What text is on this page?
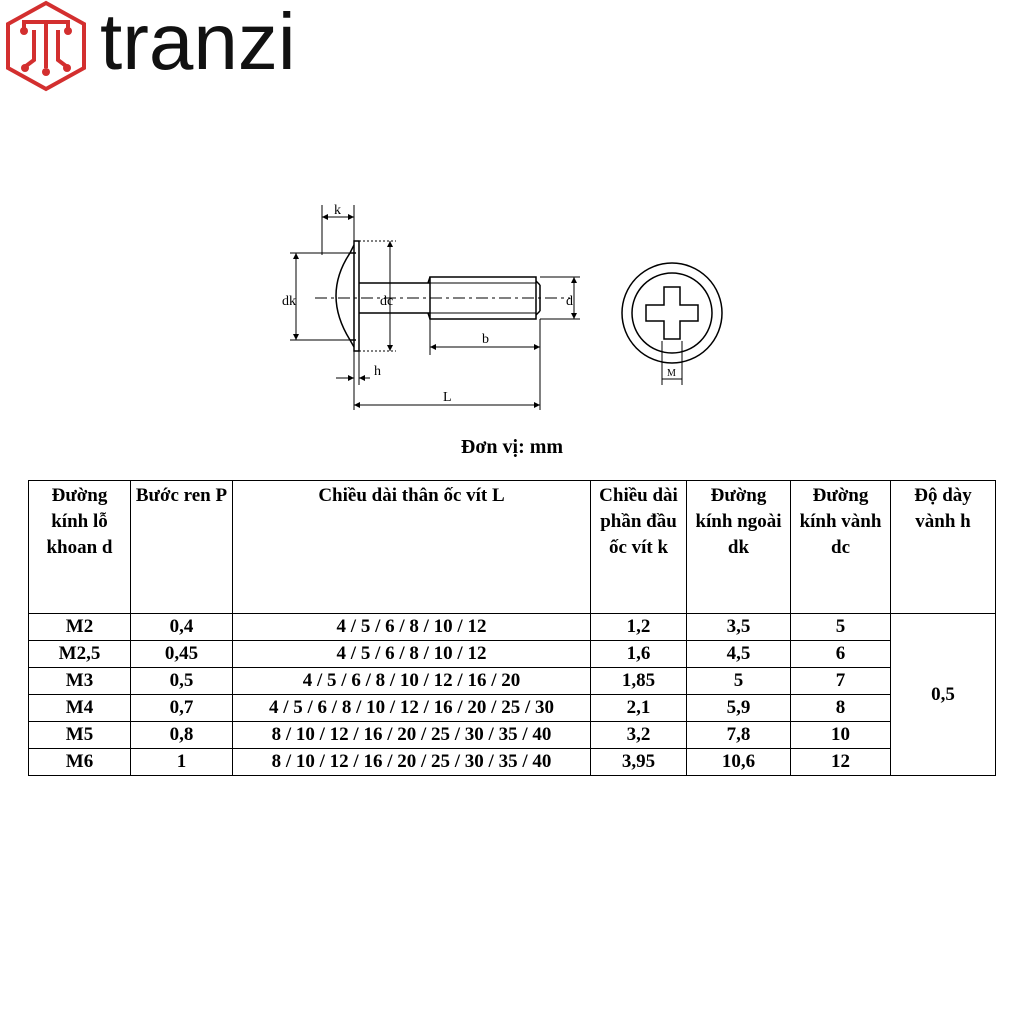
tranzi
k
dk	dc	d
b
h
L
M
Đơn vị: mm
Đường kính lỗ khoan d	Bước ren P	Chiều dài thân ốc vít L	Chiều dài phần đầu ốc vít k	Đường kính ngoài dk	Đường kính vành dc	Độ dày vành h
M2	0,4	4 / 5 / 6 / 8 / 10 / 12	1,2	3,5	5	0,5
M2,5	0,45	4 / 5 / 6 / 8 / 10 / 12	1,6	4,5	6	
M3	0,5	4 / 5 / 6 / 8 / 10 / 12 / 16 / 20	1,85	5	7	
M4	0,7	4 / 5 / 6 / 8 / 10 / 12 / 16 / 20 / 25 / 30	2,1	5,9	8	
M5	0,8	8 / 10 / 12 / 16 / 20 / 25 / 30 / 35 / 40	3,2	7,8	10	
M6	1	8 / 10 / 12 / 16 / 20 / 25 / 30 / 35 / 40	3,95	10,6	12	
